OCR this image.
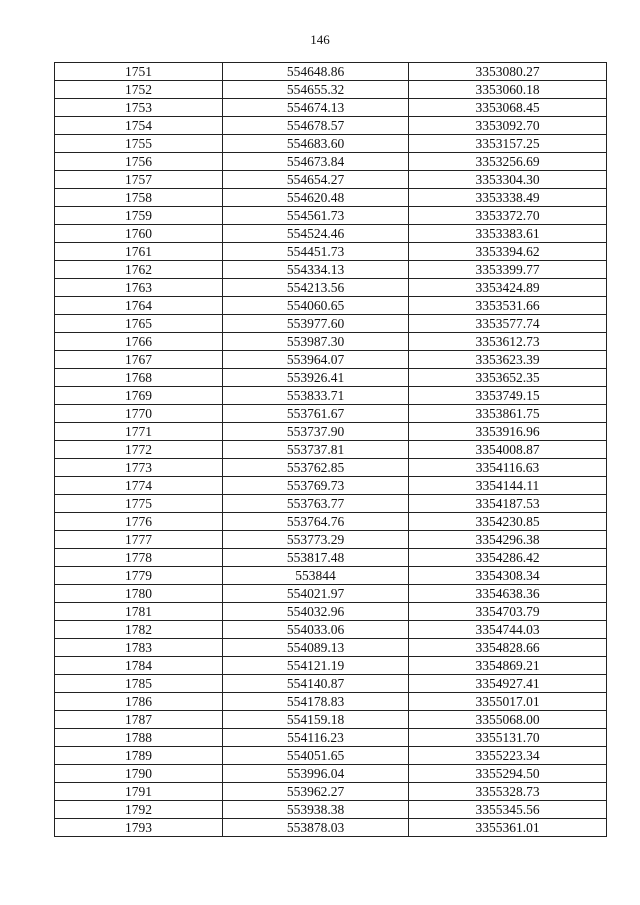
146
1751	554648.86	3353080.27
1752	554655.32	3353060.18
1753	554674.13	3353068.45
1754	554678.57	3353092.70
1755	554683.60	3353157.25
1756	554673.84	3353256.69
1757	554654.27	3353304.30
1758	554620.48	3353338.49
1759	554561.73	3353372.70
1760	554524.46	3353383.61
1761	554451.73	3353394.62
1762	554334.13	3353399.77
1763	554213.56	3353424.89
1764	554060.65	3353531.66
1765	553977.60	3353577.74
1766	553987.30	3353612.73
1767	553964.07	3353623.39
1768	553926.41	3353652.35
1769	553833.71	3353749.15
1770	553761.67	3353861.75
1771	553737.90	3353916.96
1772	553737.81	3354008.87
1773	553762.85	3354116.63
1774	553769.73	3354144.11
1775	553763.77	3354187.53
1776	553764.76	3354230.85
1777	553773.29	3354296.38
1778	553817.48	3354286.42
1779	553844	3354308.34
1780	554021.97	3354638.36
1781	554032.96	3354703.79
1782	554033.06	3354744.03
1783	554089.13	3354828.66
1784	554121.19	3354869.21
1785	554140.87	3354927.41
1786	554178.83	3355017.01
1787	554159.18	3355068.00
1788	554116.23	3355131.70
1789	554051.65	3355223.34
1790	553996.04	3355294.50
1791	553962.27	3355328.73
1792	553938.38	3355345.56
1793	553878.03	3355361.01
